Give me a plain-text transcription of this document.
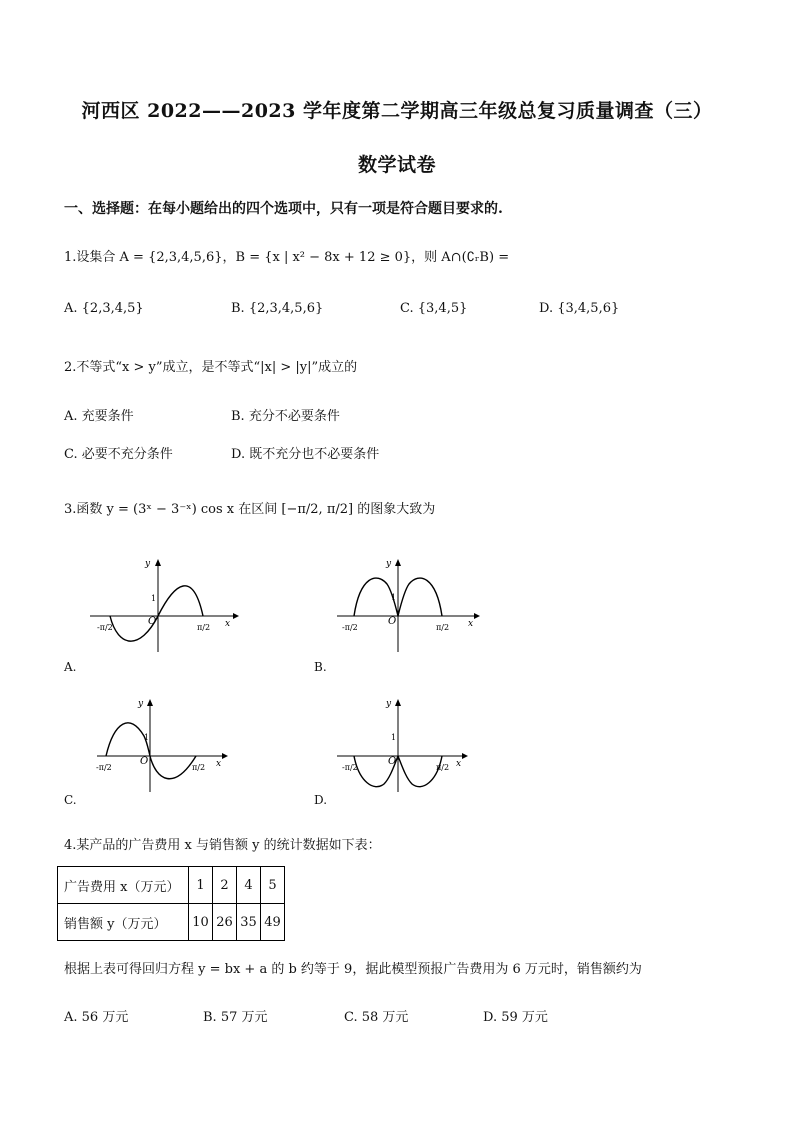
河西区 2022——2023 学年度第二学期高三年级总复习质量调查（三）
数学试卷
一、选择题：在每小题给出的四个选项中，只有一项是符合题目要求的.
1.设集合 A = {2,3,4,5,6}，B = {x | x² − 8x + 12 ≥ 0}，则 A∩(∁ᵣB) =
A. {2,3,4,5}	B. {2,3,4,5,6}	C. {3,4,5}	D. {3,4,5,6}
2.不等式“x > y”成立，是不等式“|x| > |y|”成立的
A. 充要条件	B. 充分不必要条件
C. 必要不充分条件	D. 既不充分也不必要条件
3.函数 y = (3ˣ − 3⁻ˣ) cos x 在区间 [−π/2, π/2] 的图象大致为
y
x
O
1
-π/2	π/2
A.
y
x
O
1
-π/2	π/2
B.
y
x
O
1
-π/2	π/2
C.
y
x
O
1
-π/2	π/2
D.
4.某产品的广告费用 x 与销售额 y 的统计数据如下表：
广告费用 x（万元）	1	2	4	5
销售额 y（万元）	10	26	35	49
根据上表可得回归方程 y = bx + a 的 b 约等于 9，据此模型预报广告费用为 6 万元时，销售额约为
A. 56 万元	B. 57 万元	C. 58 万元	D. 59 万元
